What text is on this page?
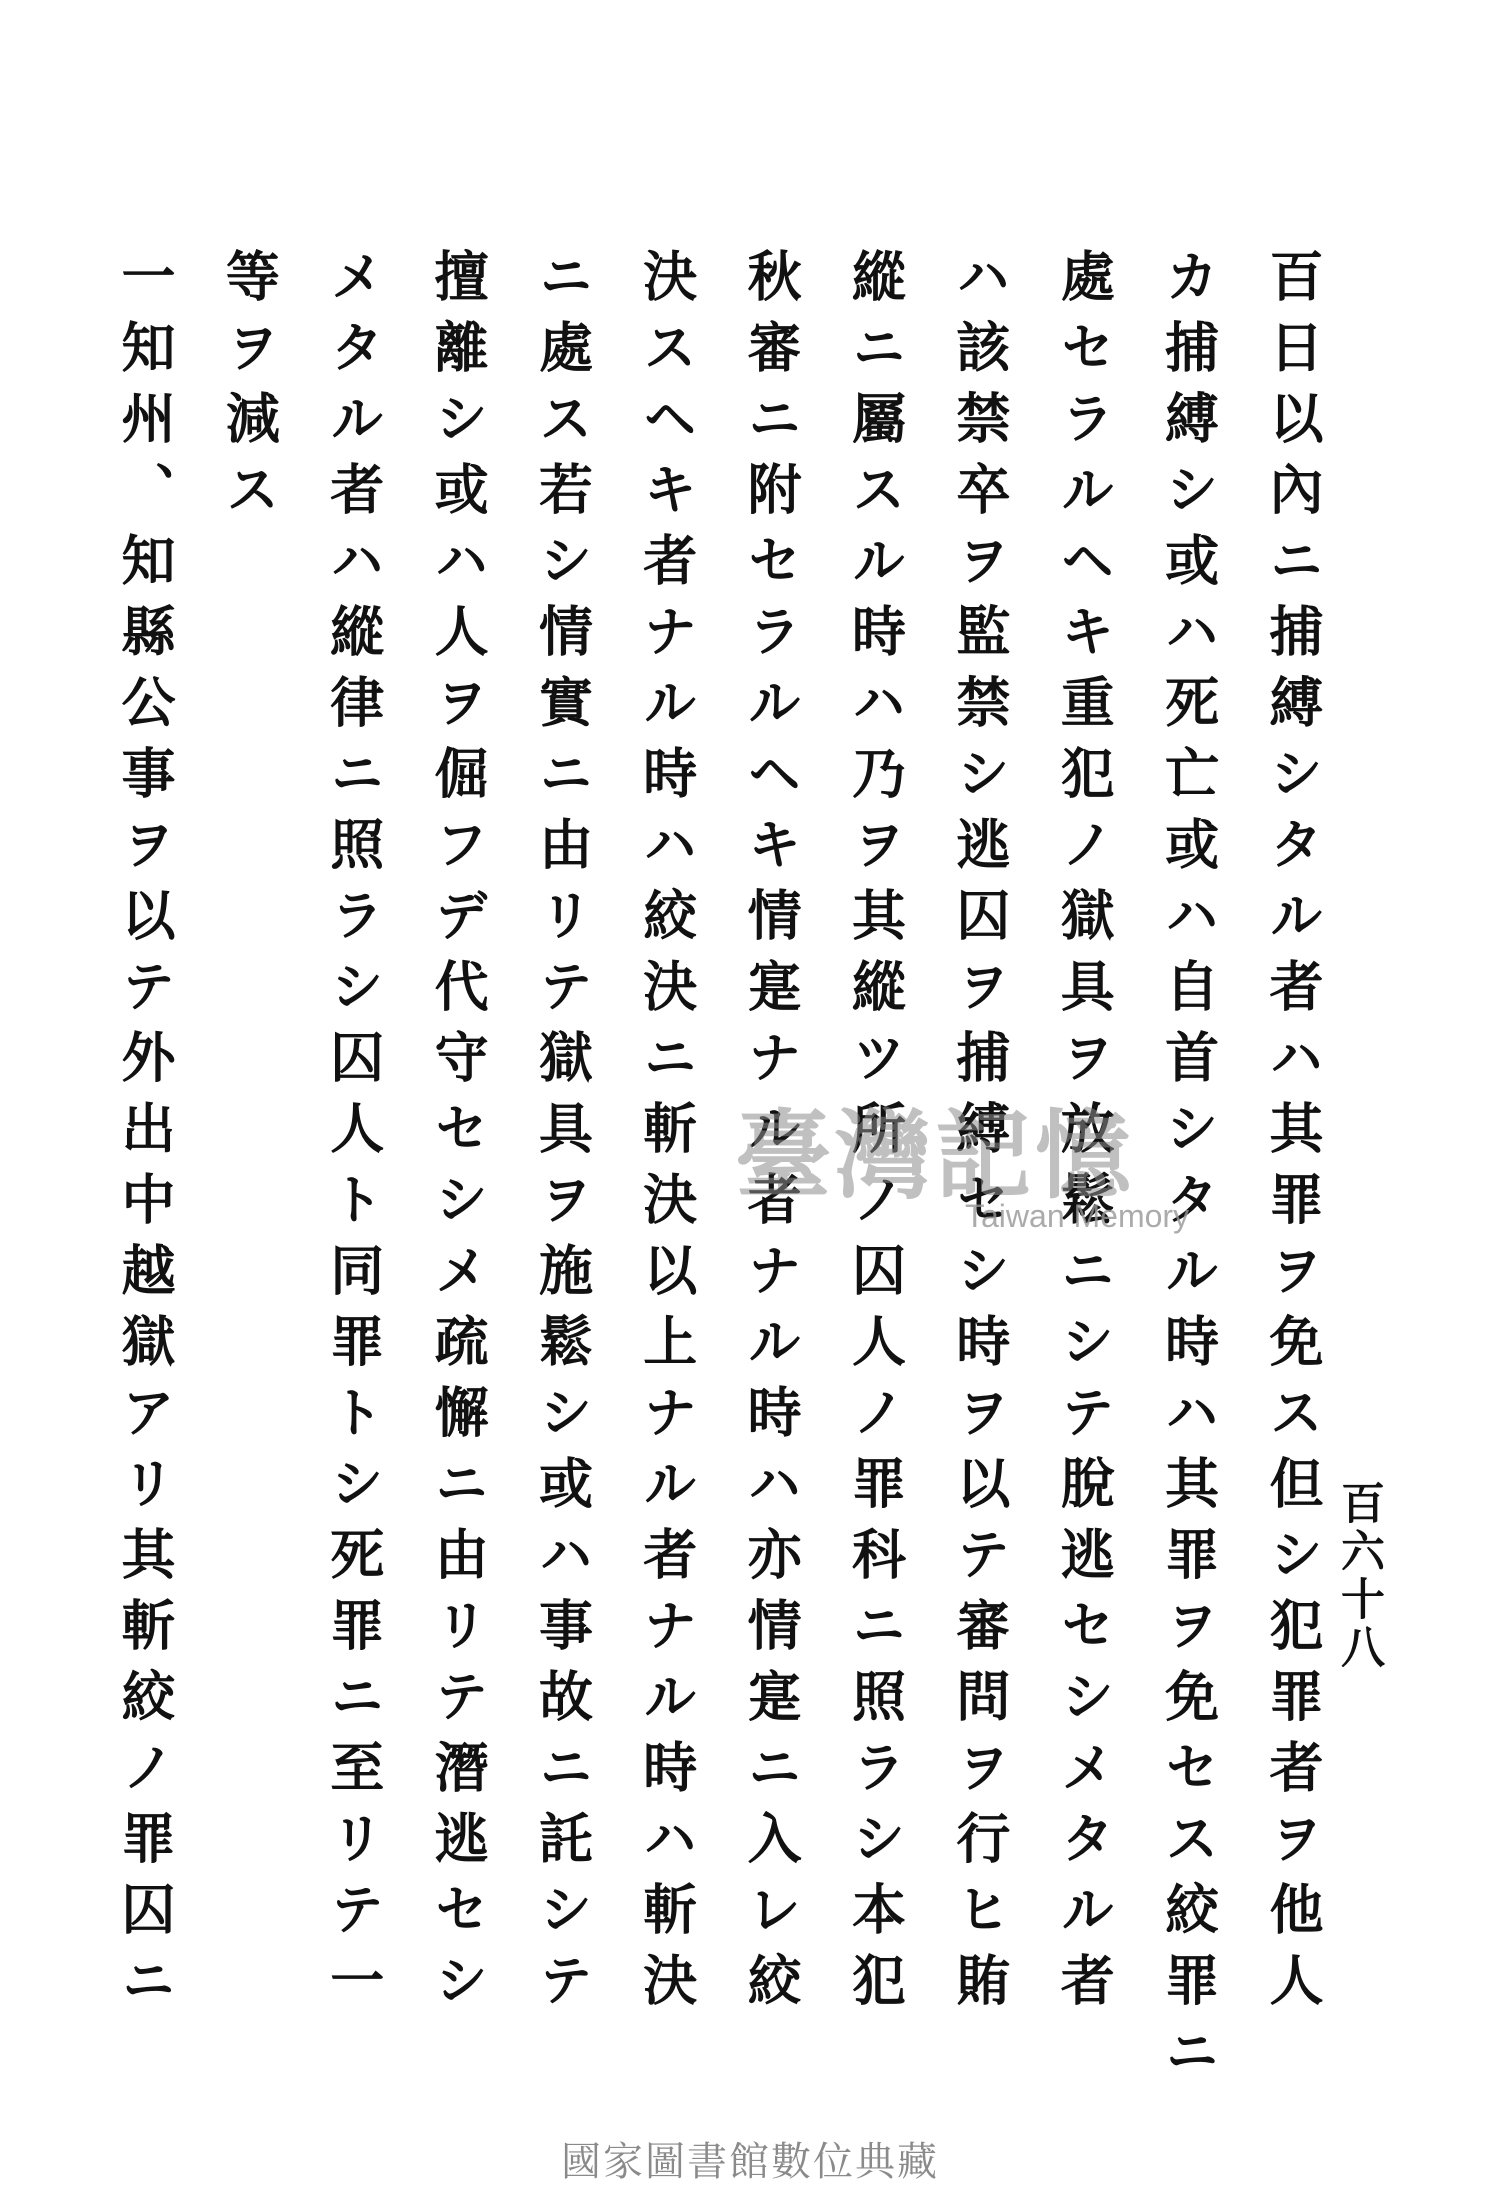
百六十八
百日以內ニ捕縛シタル者ハ其罪ヲ免ス但シ犯罪者ヲ他人
カ捕縛シ或ハ死亡或ハ自首シタル時ハ其罪ヲ免セス絞罪ニ
處セラルヘキ重犯ノ獄具ヲ放鬆ニシテ脫逃セシメタル者
ハ該禁卒ヲ監禁シ逃囚ヲ捕縛セシ時ヲ以テ審問ヲ行ヒ賄
縱ニ屬スル時ハ乃ヲ其縱ツ所ノ囚人ノ罪科ニ照ラシ本犯
秋審ニ附セラルヘキ情寔ナル者ナル時ハ亦情寔ニ入レ絞
決スヘキ者ナル時ハ絞決ニ斬決以上ナル者ナル時ハ斬決
ニ處ス若シ情實ニ由リテ獄具ヲ施鬆シ或ハ事故ニ託シテ
擅離シ或ハ人ヲ倔フデ代守セシメ疏懈ニ由リテ潛逃セシ
メタル者ハ縱律ニ照ラシ囚人ト同罪トシ死罪ニ至リテ一
等ヲ減ス
一知州、知縣公事ヲ以テ外出中越獄アリ其斬絞ノ罪囚ニ	臺灣記憶
Taiwan Memory
國家圖書館數位典藏
